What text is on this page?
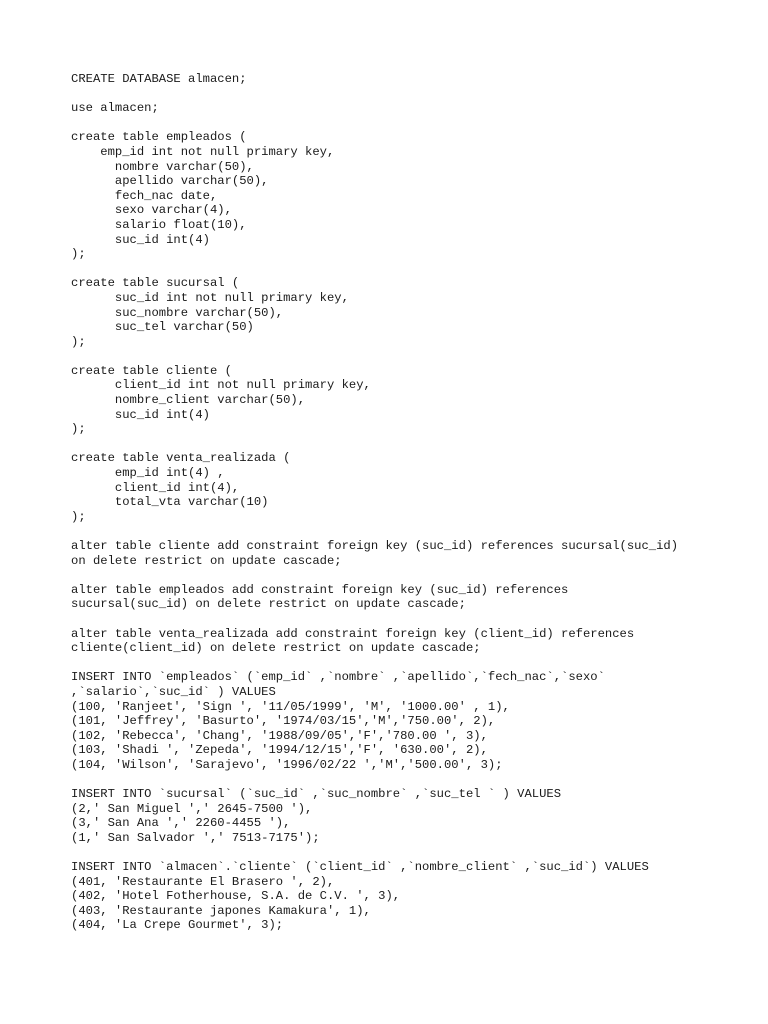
CREATE DATABASE almacen;
use almacen;
create table empleados (
emp_id int not null primary key,
nombre varchar(50),
apellido varchar(50),
fech_nac date,
sexo varchar(4),
salario float(10),
suc_id int(4)
);
create table sucursal (
suc_id int not null primary key,
suc_nombre varchar(50),
suc_tel varchar(50)
);
create table cliente (
client_id int not null primary key,
nombre_client varchar(50),
suc_id int(4)
);
create table venta_realizada (
emp_id int(4) ,
client_id int(4),
total_vta varchar(10)
);
alter table cliente add constraint foreign key (suc_id) references sucursal(suc_id)
on delete restrict on update cascade;
alter table empleados add constraint foreign key (suc_id) references
sucursal(suc_id) on delete restrict on update cascade;
alter table venta_realizada add constraint foreign key (client_id) references
cliente(client_id) on delete restrict on update cascade;
INSERT INTO `empleados` (`emp_id` ,`nombre` ,`apellido`,`fech_nac`,`sexo`
,`salario`,`suc_id` ) VALUES
(100, 'Ranjeet', 'Sign ', '11/05/1999', 'M', '1000.00' , 1),
(101, 'Jeffrey', 'Basurto', '1974/03/15','M','750.00', 2),
(102, 'Rebecca', 'Chang', '1988/09/05','F','780.00 ', 3),
(103, 'Shadi ', 'Zepeda', '1994/12/15','F', '630.00', 2),
(104, 'Wilson', 'Sarajevo', '1996/02/22 ','M','500.00', 3);
INSERT INTO `sucursal` (`suc_id` ,`suc_nombre` ,`suc_tel ` ) VALUES
(2,' San Miguel ',' 2645-7500 '),
(3,' San Ana ',' 2260-4455 '),
(1,' San Salvador ',' 7513-7175');
INSERT INTO `almacen`.`cliente` (`client_id` ,`nombre_client` ,`suc_id`) VALUES
(401, 'Restaurante El Brasero ', 2),
(402, 'Hotel Fotherhouse, S.A. de C.V. ', 3),
(403, 'Restaurante japones Kamakura', 1),
(404, 'La Crepe Gourmet', 3);
